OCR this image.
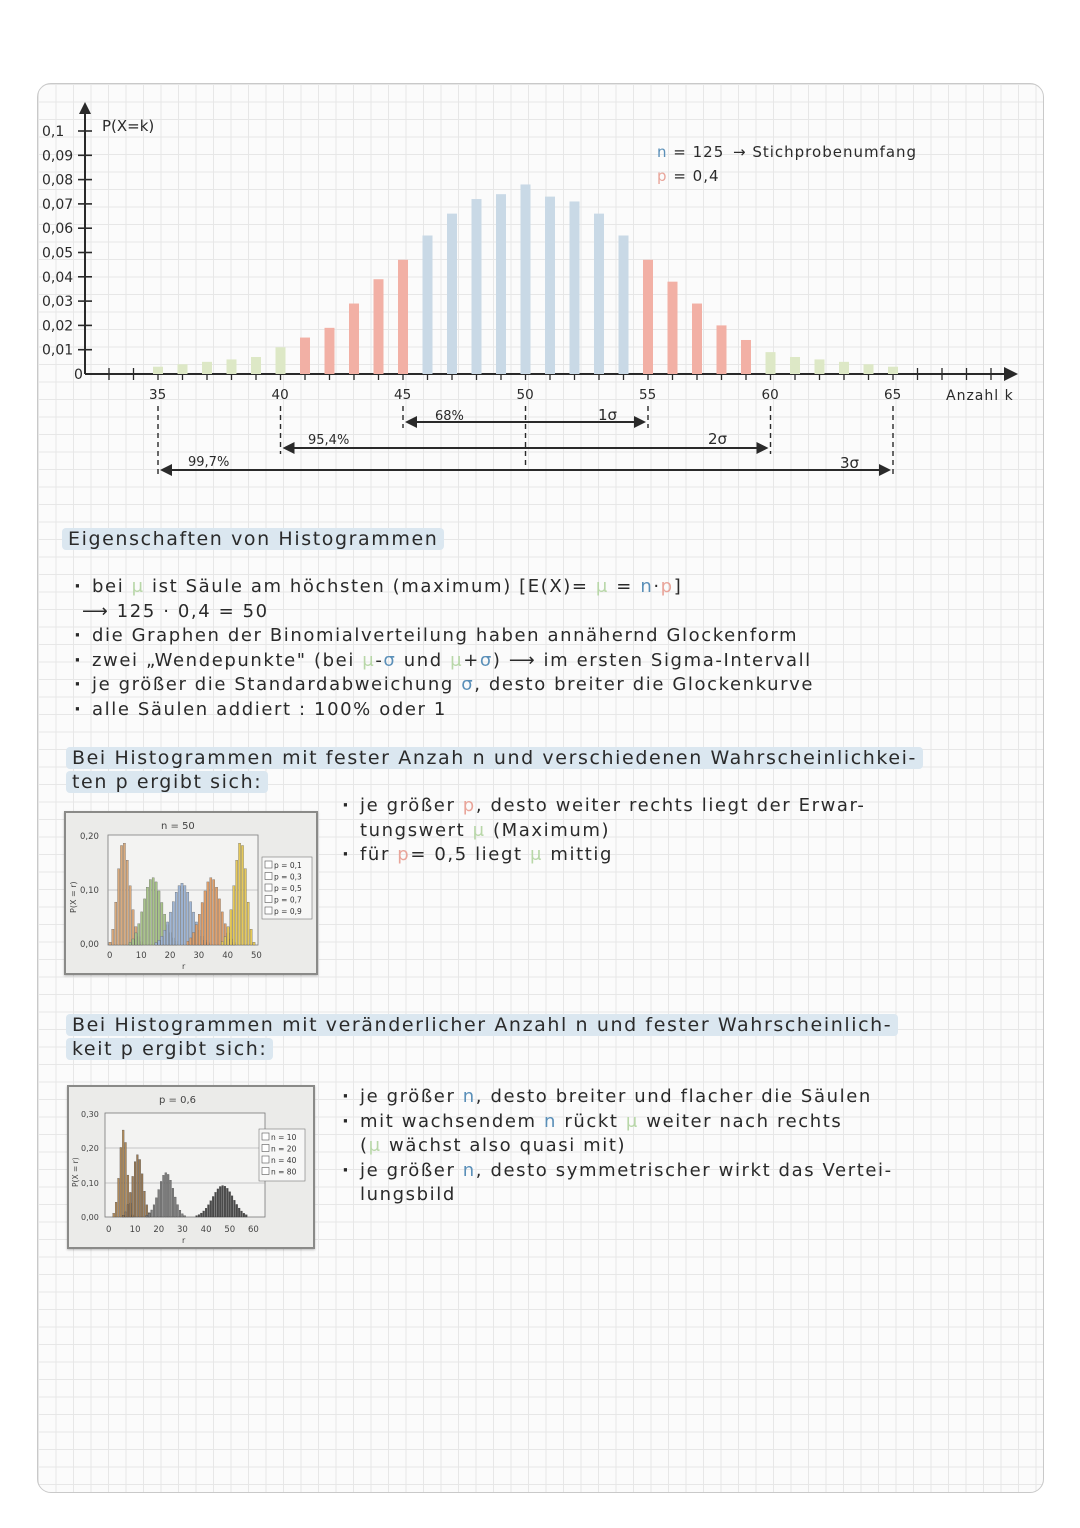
0,1
0,09
0,08
0,07
0,06
0,05
0,04
0,03
0,02
0,01
0
35	40	45	50	55	60	65
68%	1σ
95,4%	2σ
99,7%	3σ
P(X=k)
Anzahl k
n = 125 → Stichprobenumfang
p = 0,4
Eigenschaften von Histogrammen
· bei μ ist Säule am höchsten (maximum) [E(X)= μ = n·p]
⟶ 125 · 0,4 = 50
· die Graphen der Binomialverteilung haben annähernd Glockenform
· zwei „Wendepunkte" (bei μ-σ und μ+σ) ⟶ im ersten Sigma-Intervall
· je größer die Standardabweichung σ, desto breiter die Glockenkurve
· alle Säulen addiert : 100% oder 1
Bei Histogrammen mit fester Anzah n und verschiedenen Wahrscheinlichkei-
ten p ergibt sich:
· je größer p, desto weiter rechts liegt der Erwar-
tungswert μ (Maximum)
· für p= 0,5 liegt μ mittig
n = 50
0,20
0,10
0,00
P(X = r)
0	10 20 30 40 50
r
p = 0,1
p = 0,3
p = 0,5
p = 0,7
p = 0,9
Bei Histogrammen mit veränderlicher Anzahl n und fester Wahrscheinlich-
keit p ergibt sich:
· je größer n, desto breiter und flacher die Säulen
· mit wachsendem n rückt μ weiter nach rechts
(μ wächst also quasi mit)
· je größer n, desto symmetrischer wirkt das Vertei-
lungsbild
p = 0,6
0,30
0,20
0,10
0,00
P(X = r)
0 10 20 30 40 50 60
r
n = 10
n = 20
n = 40
n = 80
